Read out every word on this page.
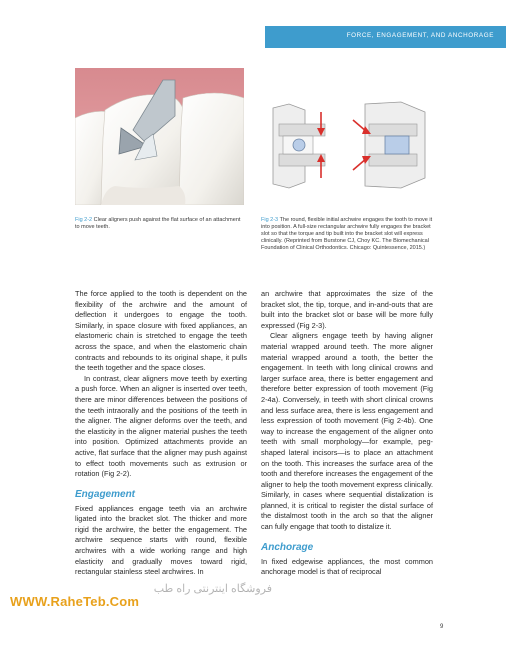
FORCE, ENGAGEMENT, AND ANCHORAGE
Fig 2-2 Clear aligners push against the flat surface of an attachment to move teeth.
Fig 2-3 The round, flexible initial archwire engages the tooth to move it into position. A full-size rectangular archwire fully engages the bracket slot so that the torque and tip built into the bracket slot will express clinically. (Reprinted from Burstone CJ, Choy KC. The Biomechanical Foundation of Clinical Orthodontics. Chicago: Quintessence, 2015.)

The force applied to the tooth is dependent on the flexibility of the archwire and the amount of deflection it undergoes to engage the tooth. Similarly, in space closure with fixed appliances, an elastomeric chain is stretched to engage the teeth across the space, and when the elastomeric chain contracts and rebounds to its original shape, it pulls the teeth together and the space closes.

In contrast, clear aligners move teeth by exerting a push force. When an aligner is inserted over teeth, there are minor differences between the positions of the teeth intraorally and the positions of the teeth in the aligner. The aligner deforms over the teeth, and the elasticity in the aligner material pushes the teeth into position. Optimized attachments provide an active, flat surface that the aligner may push against to effect tooth movements such as extrusion or rotation (Fig 2-2).

Engagement

Fixed appliances engage teeth via an archwire ligated into the bracket slot. The thicker and more rigid the archwire, the better the engagement. The archwire sequence starts with round, flexible archwires with a wide working range and high elasticity and gradually moves toward rigid, rectangular stainless steel archwires. In

an archwire that approximates the size of the bracket slot, the tip, torque, and in-and-outs that are built into the bracket slot or base will be more fully expressed (Fig 2-3).

Clear aligners engage teeth by having aligner material wrapped around teeth. The more aligner material wrapped around a tooth, the better the engagement. In teeth with long clinical crowns and larger surface area, there is better engagement and therefore better expression of tooth movement (Fig 2-4a). Conversely, in teeth with short clinical crowns and less surface area, there is less engagement and less expression of tooth movement (Fig 2-4b). One way to increase the engagement of the aligner onto teeth with small morphology—for example, peg-shaped lateral incisors—is to place an attachment on the tooth. This increases the surface area of the tooth and therefore increases the engagement of the aligner to help the tooth movement express clinically. Similarly, in cases where sequential distalization is planned, it is critical to register the distal surface of the distalmost tooth in the arch so that the aligner can fully engage that tooth to distalize it.

Anchorage

In fixed edgewise appliances, the most common anchorage model is that of reciprocal

9
فروشگاه اینترنتی راه طب
WWW.RaheTeb.Com
